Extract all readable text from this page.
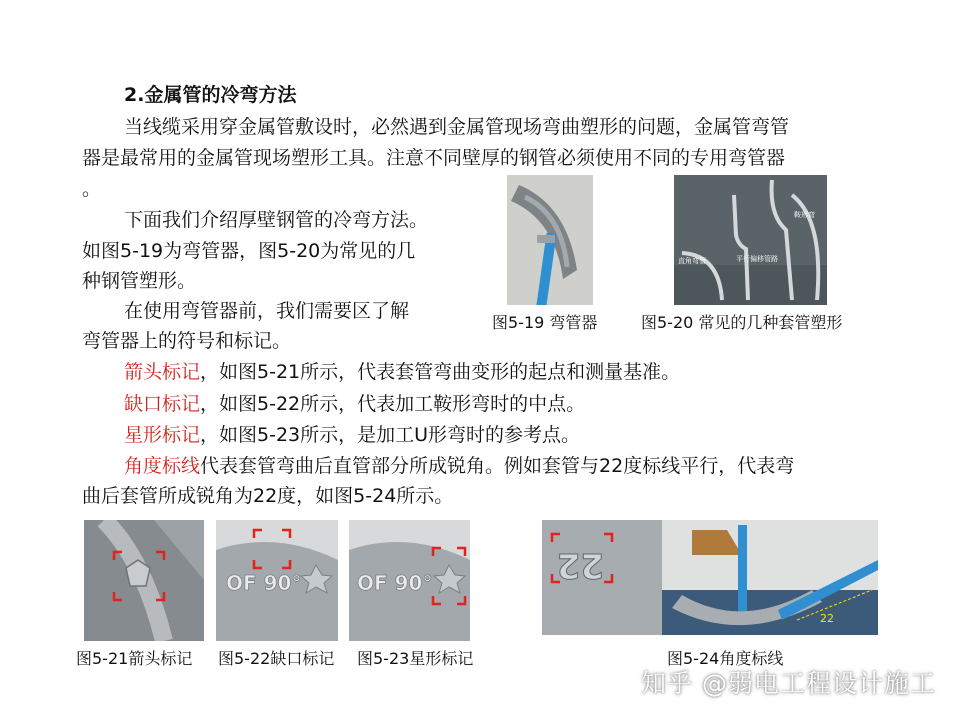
2.金属管的冷弯方法
当线缆采用穿金属管敷设时，必然遇到金属管现场弯曲塑形的问题，金属管弯管
器是最常用的金属管现场塑形工具。注意不同壁厚的钢管必须使用不同的专用弯管器
。
下面我们介绍厚壁钢管的冷弯方法。
如图5-19为弯管器，图5-20为常见的几
种钢管塑形。
在使用弯管器前，我们需要区了解
弯管器上的符号和标记。
箭头标记，如图5-21所示，代表套管弯曲变形的起点和测量基准。
缺口标记，如图5-22所示，代表加工鞍形弯时的中点。
星形标记，如图5-23所示，是加工U形弯时的参考点。
角度标线代表套管弯曲后直管部分所成锐角。例如套管与22度标线平行，代表弯
曲后套管所成锐角为22度，如图5-24所示。
直角弯管	平行偏移管路
鞍形弯
图5-19 弯管器	图5-20 常见的几种套管塑形
OF 90°	OF 90°	22
22
图5-21箭头标记 图5-22缺口标记 图5-23星形标记	图5-24角度标线
知乎 @弱电工程设计施工
